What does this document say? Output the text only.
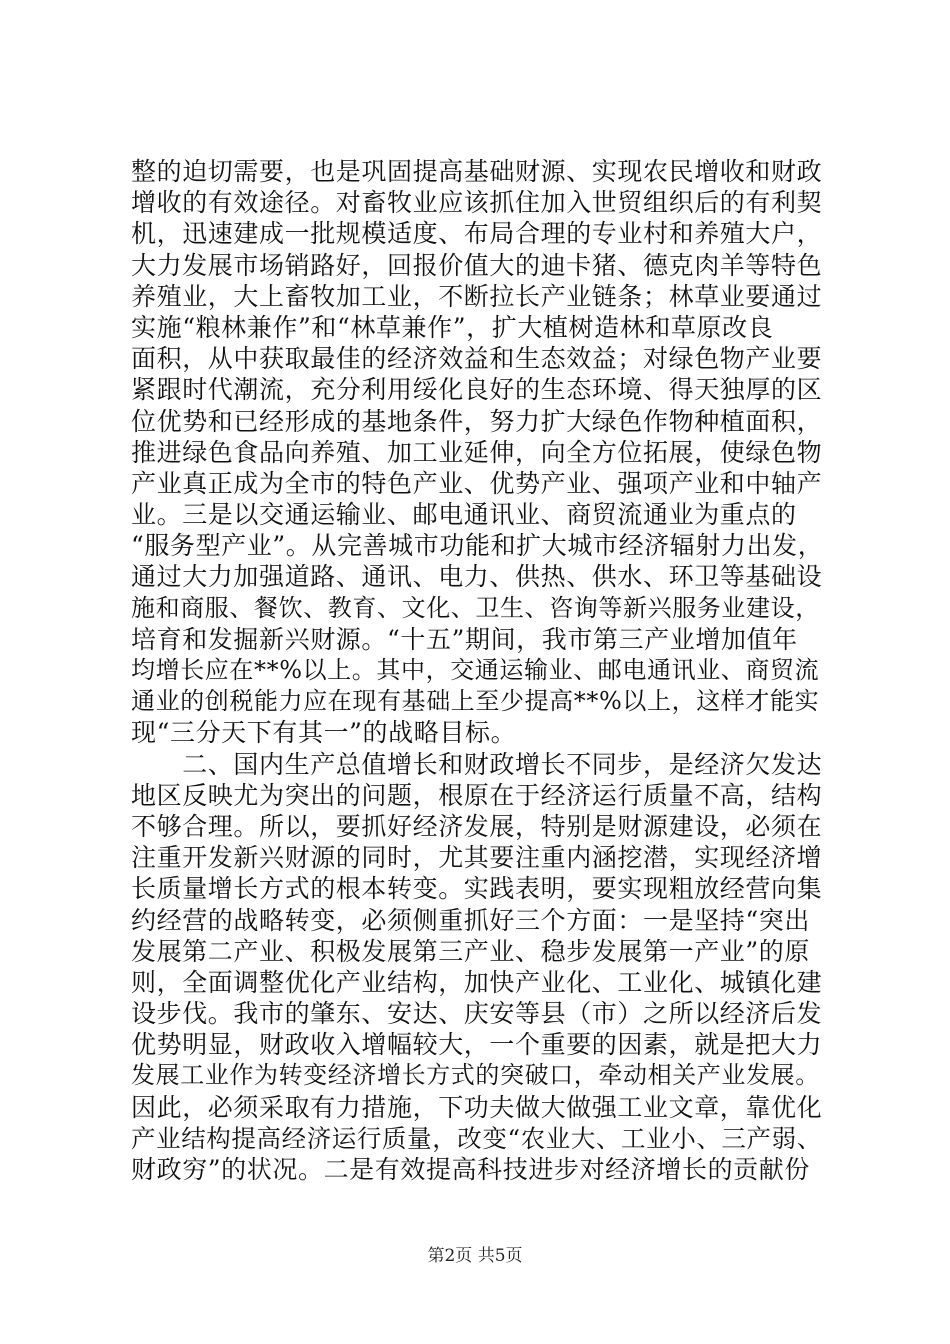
整的迫切需要，也是巩固提高基础财源、实现农民增收和财政
增收的有效途径。对畜牧业应该抓住加入世贸组织后的有利契
机，迅速建成一批规模适度、布局合理的专业村和养殖大户，
大力发展市场销路好，回报价值大的迪卡猪、德克肉羊等特色
养殖业，大上畜牧加工业，不断拉长产业链条；林草业要通过
实施“粮林兼作”和“林草兼作”，扩大植树造林和草原改良
面积，从中获取最佳的经济效益和生态效益；对绿色物产业要
紧跟时代潮流，充分利用绥化良好的生态环境、得天独厚的区
位优势和已经形成的基地条件，努力扩大绿色作物种植面积，
推进绿色食品向养殖、加工业延伸，向全方位拓展，使绿色物
产业真正成为全市的特色产业、优势产业、强项产业和中轴产
业。三是以交通运输业、邮电通讯业、商贸流通业为重点的
“服务型产业”。从完善城市功能和扩大城市经济辐射力出发，
通过大力加强道路、通讯、电力、供热、供水、环卫等基础设
施和商服、餐饮、教育、文化、卫生、咨询等新兴服务业建设，
培育和发掘新兴财源。“十五”期间，我市第三产业增加值年
均增长应在**%以上。其中，交通运输业、邮电通讯业、商贸流
通业的创税能力应在现有基础上至少提高**%以上，这样才能实
现“三分天下有其一”的战略目标。
　　二、国内生产总值增长和财政增长不同步，是经济欠发达
地区反映尤为突出的问题，根原在于经济运行质量不高，结构
不够合理。所以，要抓好经济发展，特别是财源建设，必须在
注重开发新兴财源的同时，尤其要注重内涵挖潜，实现经济增
长质量增长方式的根本转变。实践表明，要实现粗放经营向集
约经营的战略转变，必须侧重抓好三个方面：一是坚持“突出
发展第二产业、积极发展第三产业、稳步发展第一产业”的原
则，全面调整优化产业结构，加快产业化、工业化、城镇化建
设步伐。我市的肇东、安达、庆安等县（市）之所以经济后发
优势明显，财政收入增幅较大，一个重要的因素，就是把大力
发展工业作为转变经济增长方式的突破口，牵动相关产业发展。
因此，必须采取有力措施，下功夫做大做强工业文章，靠优化
产业结构提高经济运行质量，改变“农业大、工业小、三产弱、
财政穷”的状况。二是有效提高科技进步对经济增长的贡献份
第2页 共5页
